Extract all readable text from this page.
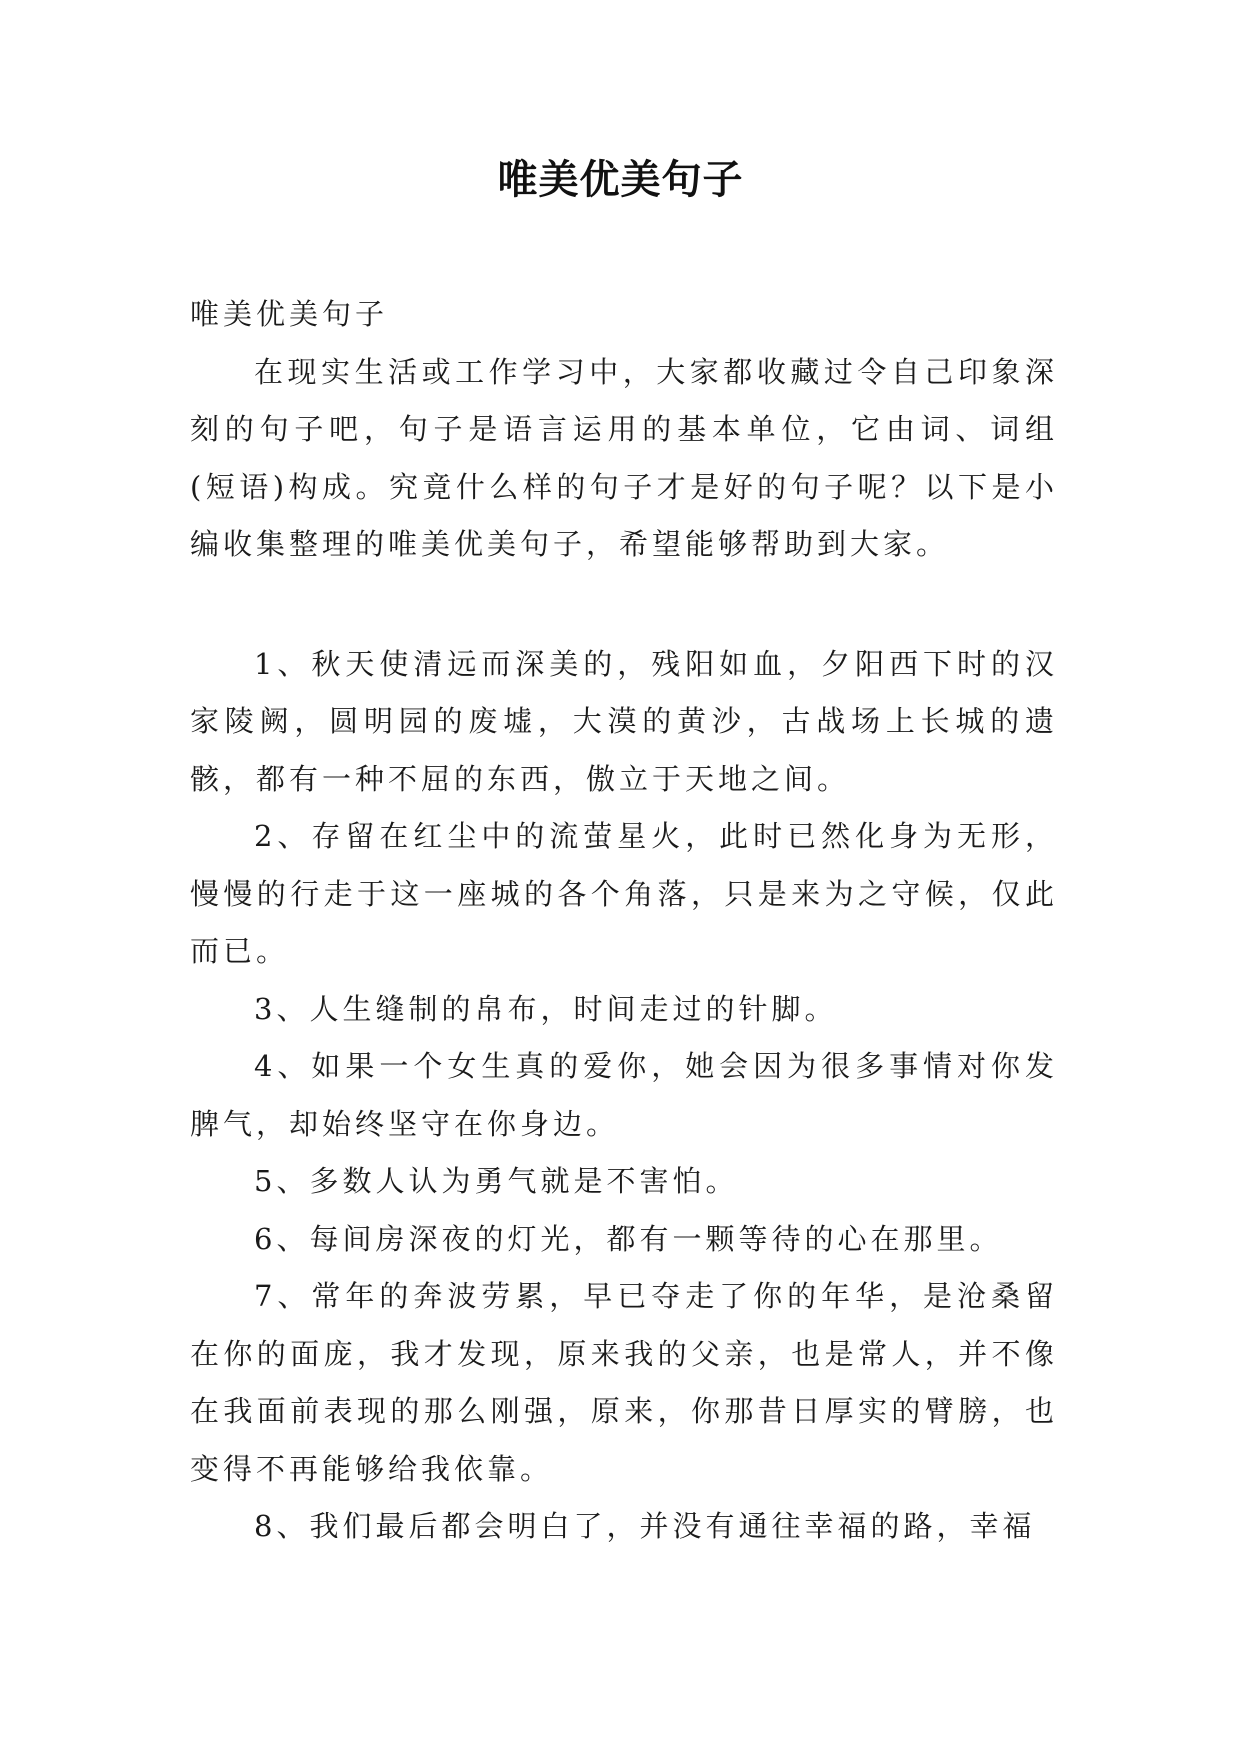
唯美优美句子

唯美优美句子

在现实生活或工作学习中，大家都收藏过令自己印象深刻的句子吧，句子是语言运用的基本单位，它由词、词组(短语)构成。究竟什么样的句子才是好的句子呢？以下是小编收集整理的唯美优美句子，希望能够帮助到大家。

1、秋天使清远而深美的，残阳如血，夕阳西下时的汉家陵阙，圆明园的废墟，大漠的黄沙，古战场上长城的遗骸，都有一种不屈的东西，傲立于天地之间。

2、存留在红尘中的流萤星火，此时已然化身为无形，慢慢的行走于这一座城的各个角落，只是来为之守候，仅此而已。

3、人生缝制的帛布，时间走过的针脚。

4、如果一个女生真的爱你，她会因为很多事情对你发脾气，却始终坚守在你身边。

5、多数人认为勇气就是不害怕。

6、每间房深夜的灯光，都有一颗等待的心在那里。

7、常年的奔波劳累，早已夺走了你的年华，是沧桑留在你的面庞，我才发现，原来我的父亲，也是常人，并不像在我面前表现的那么刚强，原来，你那昔日厚实的臂膀，也变得不再能够给我依靠。

8、我们最后都会明白了，并没有通往幸福的路，幸福
